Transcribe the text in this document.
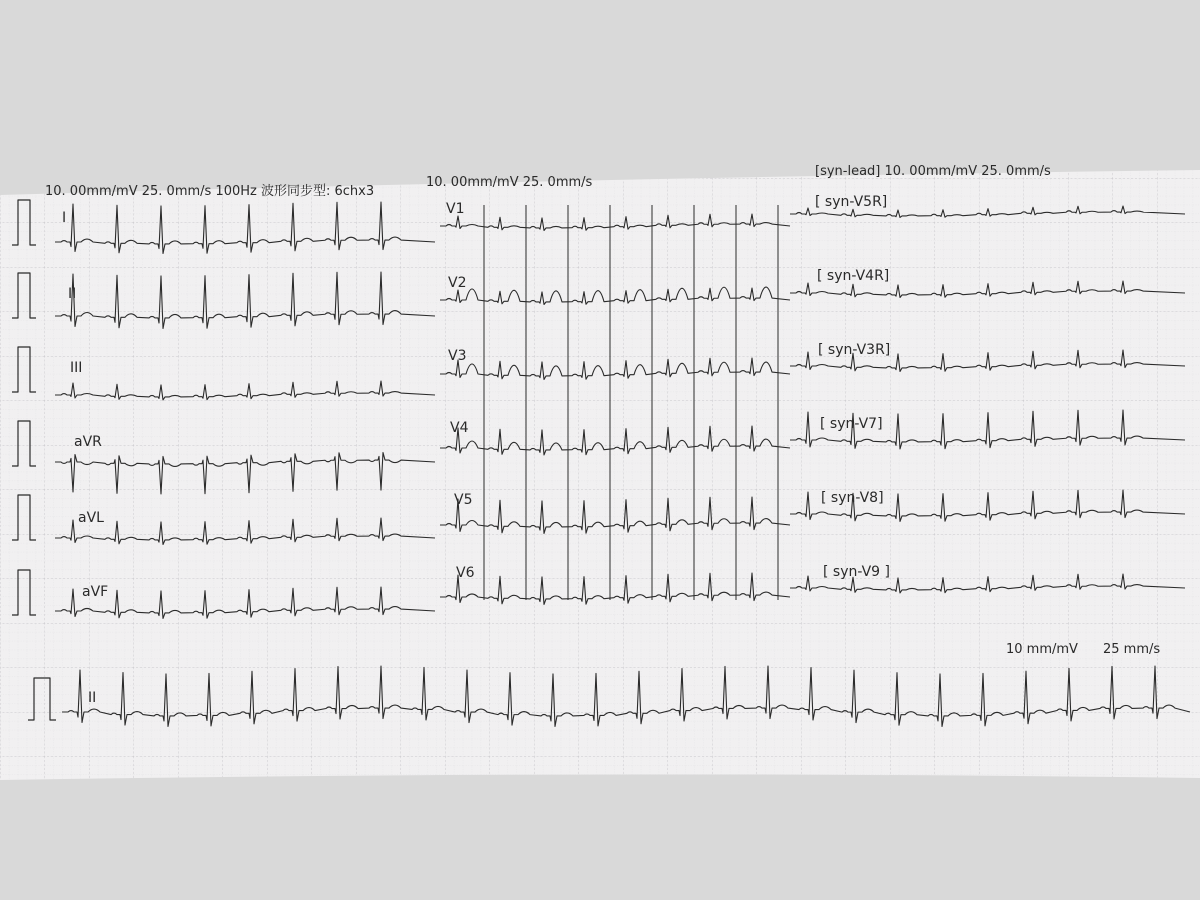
10. 00mm/mV 25. 0mm/s 100Hz 波形同步型: 6chx3
10. 00mm/mV 25. 0mm/s
[syn-lead] 10. 00mm/mV 25. 0mm/s
I
II
III
aVR
aVL
aVF
V1
V2
V3
V4
V5
V6
[ syn-V5R]
[ syn-V4R]
[ syn-V3R]
[ syn-V7]
[ syn-V8]
[ syn-V9 ]
II
10 mm/mV 25 mm/s
